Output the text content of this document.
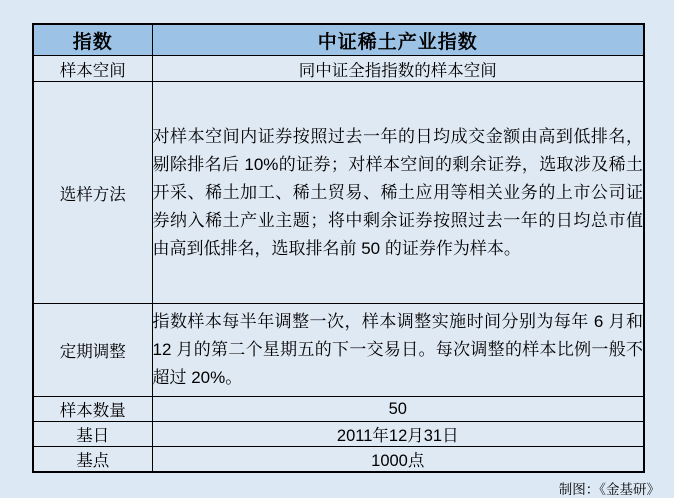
指数	中证稀土产业指数
样本空间	同中证全指指数的样本空间
选样方法	对样本空间内证券按照过去一年的日均成交金额由高到低排名，剔除排名后 10%的证券；对样本空间的剩余证券，选取涉及稀土开采、稀土加工、稀土贸易、稀土应用等相关业务的上市公司证券纳入稀土产业主题；将中剩余证券按照过去一年的日均总市值由高到低排名，选取排名前 50 的证券作为样本。
定期调整	指数样本每半年调整一次，样本调整实施时间分别为每年 6 月和 12 月的第二个星期五的下一交易日。每次调整的样本比例一般不超过 20%。
样本数量	50
基日	2011年12月31日
基点	1000点
制图：《金基研》
